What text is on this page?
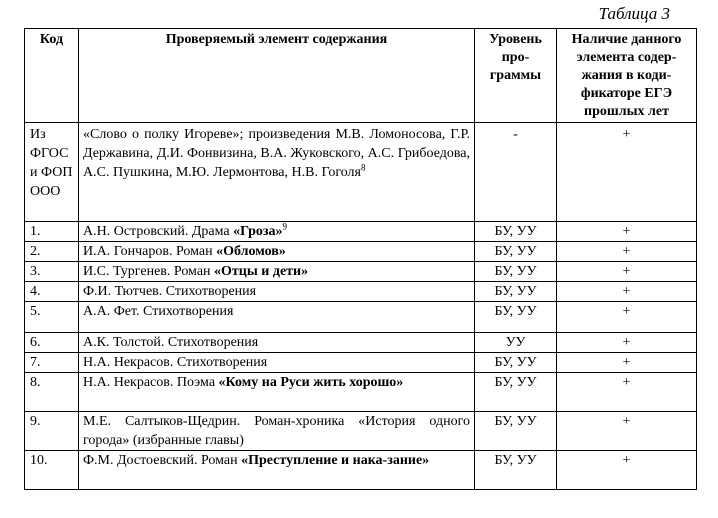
Таблица 3
Код	Проверяемый элемент содержания	Уровень про-граммы	Наличие данного элемента содер-жания в коди-фикаторе ЕГЭ прошлых лет
Из ФГОС и ФОП ООО	«Слово о полку Игореве»; произведения М.В. Ломоносова, Г.Р. Державина, Д.И. Фонвизина, В.А. Жуковского, А.С. Грибоедова, А.С. Пушкина, М.Ю. Лермонтова, Н.В. Гоголя$^8$	-	+
1.	А.Н. Островский. Драма «Гроза»$^9$	БУ, УУ	+
2.	И.А. Гончаров. Роман «Обломов»	БУ, УУ	+
3.	И.С. Тургенев. Роман «Отцы и дети»	БУ, УУ	+
4.	Ф.И. Тютчев. Стихотворения	БУ, УУ	+
5.	А.А. Фет. Стихотворения	БУ, УУ	+
6.	А.К. Толстой. Стихотворения	УУ	+
7.	Н.А. Некрасов. Стихотворения	БУ, УУ	+
8.	Н.А. Некрасов. Поэма «Кому на Руси жить хорошо»	БУ, УУ	+
9.	М.Е. Салтыков-Щедрин. Роман-хроника «История одного города» (избранные главы)	БУ, УУ	+
10.	Ф.М. Достоевский. Роман «Преступление и нака-зание»	БУ, УУ	+
